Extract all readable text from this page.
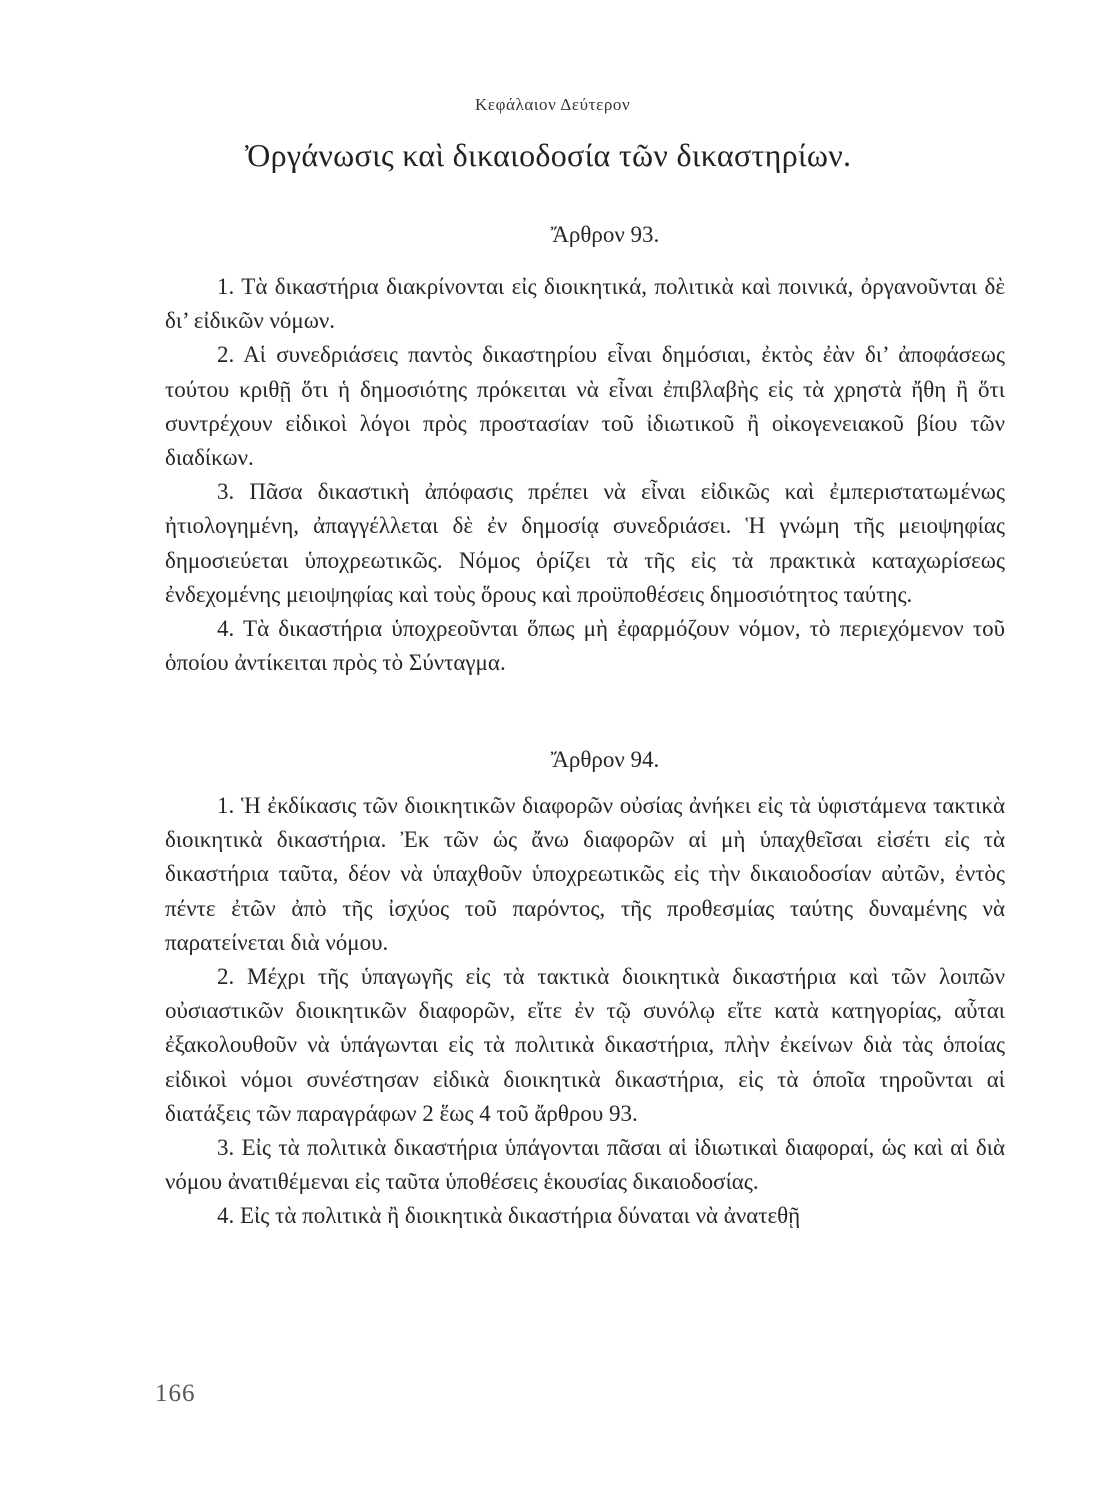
Κεφάλαιον Δεύτερον
Ὀργάνωσις καὶ δικαιοδοσία τῶν δικαστηρίων.
Ἄρθρον 93.

1. Τὰ δικαστήρια διακρίνονται εἰς διοικητικά, πολιτικὰ καὶ ποινικά, ὀργανοῦνται δὲ δι’ εἰδικῶν νόμων.

2. Αἱ συνεδριάσεις παντὸς δικαστηρίου εἶναι δημόσιαι, ἐκτὸς ἐὰν δι’ ἀποφάσεως τούτου κριθῇ ὅτι ἡ δημοσιότης πρόκειται νὰ εἶναι ἐπιβλαβὴς εἰς τὰ χρηστὰ ἤθη ἢ ὅτι συντρέχουν εἰδικοὶ λόγοι πρὸς προστασίαν τοῦ ἰδιωτικοῦ ἢ οἰκογενειακοῦ βίου τῶν διαδίκων.

3. Πᾶσα δικαστικὴ ἀπόφασις πρέπει νὰ εἶναι εἰδικῶς καὶ ἐμπεριστατωμένως ἠτιολογημένη, ἀπαγγέλλεται δὲ ἐν δημοσίᾳ συνεδριάσει. Ἡ γνώμη τῆς μειοψηφίας δημοσιεύεται ὑποχρεωτικῶς. Νόμος ὁρίζει τὰ τῆς εἰς τὰ πρακτικὰ καταχωρίσεως ἐνδεχομένης μειοψηφίας καὶ τοὺς ὅρους καὶ προϋποθέσεις δημοσιότητος ταύτης.

4. Τὰ δικαστήρια ὑποχρεοῦνται ὅπως μὴ ἐφαρμόζουν νόμον, τὸ περιεχόμενον τοῦ ὁποίου ἀντίκειται πρὸς τὸ Σύνταγμα.

Ἄρθρον 94.

1. Ἡ ἐκδίκασις τῶν διοικητικῶν διαφορῶν οὐσίας ἀνήκει εἰς τὰ ὑφιστάμενα τακτικὰ διοικητικὰ δικαστήρια. Ἐκ τῶν ὡς ἄνω διαφορῶν αἱ μὴ ὑπαχθεῖσαι εἰσέτι εἰς τὰ δικαστήρια ταῦτα, δέον νὰ ὑπαχθοῦν ὑποχρεωτικῶς εἰς τὴν δικαιοδοσίαν αὐτῶν, ἐντὸς πέντε ἐτῶν ἀπὸ τῆς ἰσχύος τοῦ παρόντος, τῆς προθεσμίας ταύτης δυναμένης νὰ παρατείνεται διὰ νόμου.

2. Μέχρι τῆς ὑπαγωγῆς εἰς τὰ τακτικὰ διοικητικὰ δικαστήρια καὶ τῶν λοιπῶν οὐσιαστικῶν διοικητικῶν διαφορῶν, εἴτε ἐν τῷ συνόλῳ εἴτε κατὰ κατηγορίας, αὗται ἐξακολουθοῦν νὰ ὑπάγωνται εἰς τὰ πολιτικὰ δικαστήρια, πλὴν ἐκείνων διὰ τὰς ὁποίας εἰδικοὶ νόμοι συνέστησαν εἰδικὰ διοικητικὰ δικαστήρια, εἰς τὰ ὁποῖα τηροῦνται αἱ διατάξεις τῶν παραγράφων 2 ἕως 4 τοῦ ἄρθρου 93.

3. Εἰς τὰ πολιτικὰ δικαστήρια ὑπάγονται πᾶσαι αἱ ἰδιωτικαὶ διαφοραί, ὡς καὶ αἱ διὰ νόμου ἀνατιθέμεναι εἰς ταῦτα ὑποθέσεις ἑκουσίας δικαιοδοσίας.

4. Εἰς τὰ πολιτικὰ ἢ διοικητικὰ δικαστήρια δύναται νὰ ἀνατεθῇ

166
